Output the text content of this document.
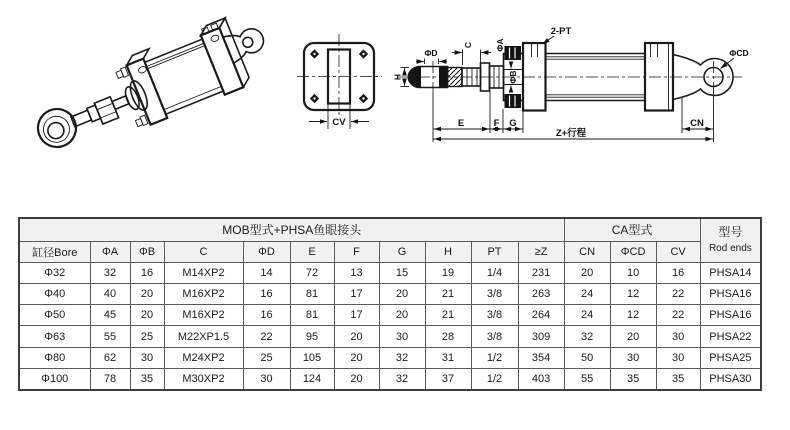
CV
H
ΦD
C	ΦA
ΦB
2-PT
ΦCD
E	F G	CN
Z+行程
MOB型式+PHSA鱼眼接头											CA型式			型号
Rod ends
缸径Bore	ΦA	ΦB	C	ΦD	E	F	G	H	PT	≥Z	CN	ΦCD	CV	
Φ32	32	16	M14XP2	14	72	13	15	19	1/4	231	20	10	16	PHSA14
Φ40	40	20	M16XP2	16	81	17	20	21	3/8	263	24	12	22	PHSA16
Φ50	45	20	M16XP2	16	81	17	20	21	3/8	264	24	12	22	PHSA16
Φ63	55	25	M22XP1.5	22	95	20	30	28	3/8	309	32	20	30	PHSA22
Φ80	62	30	M24XP2	25	105	20	32	31	1/2	354	50	30	30	PHSA25
Φ100	78	35	M30XP2	30	124	20	32	37	1/2	403	55	35	35	PHSA30
